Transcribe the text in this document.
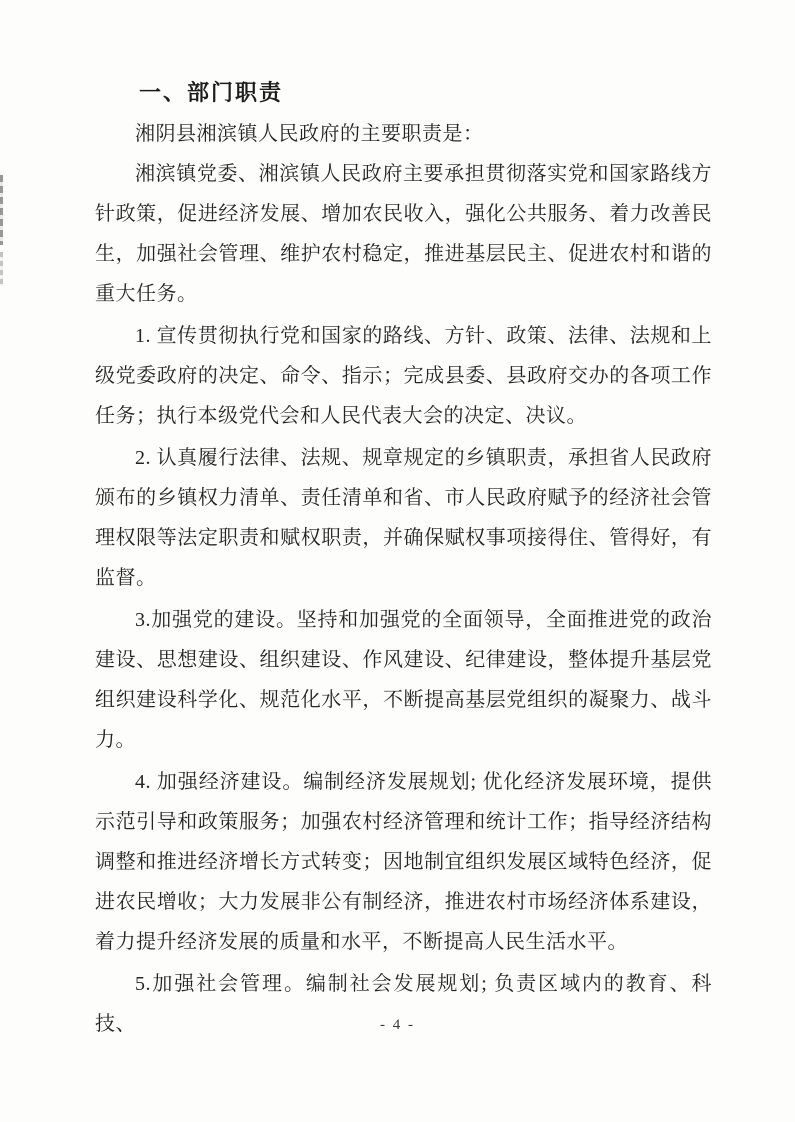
一、部门职责

湘阴县湘滨镇人民政府的主要职责是：

湘滨镇党委、湘滨镇人民政府主要承担贯彻落实党和国家路线方针政策，促进经济发展、增加农民收入，强化公共服务、着力改善民生，加强社会管理、维护农村稳定，推进基层民主、促进农村和谐的重大任务。

1. 宣传贯彻执行党和国家的路线、方针、政策、法律、法规和上级党委政府的决定、命令、指示；完成县委、县政府交办的各项工作任务；执行本级党代会和人民代表大会的决定、决议。

2. 认真履行法律、法规、规章规定的乡镇职责，承担省人民政府颁布的乡镇权力清单、责任清单和省、市人民政府赋予的经济社会管理权限等法定职责和赋权职责，并确保赋权事项接得住、管得好，有监督。

3.加强党的建设。坚持和加强党的全面领导，全面推进党的政治建设、思想建设、组织建设、作风建设、纪律建设，整体提升基层党组织建设科学化、规范化水平，不断提高基层党组织的凝聚力、战斗力。

4. 加强经济建设。编制经济发展规划; 优化经济发展环境，提供示范引导和政策服务；加强农村经济管理和统计工作；指导经济结构调整和推进经济增长方式转变；因地制宜组织发展区域特色经济，促进农民增收；大力发展非公有制经济，推进农村市场经济体系建设，着力提升经济发展的质量和水平，不断提高人民生活水平。

5.加强社会管理。编制社会发展规划; 负责区域内的教育、科技、	- 4 -
